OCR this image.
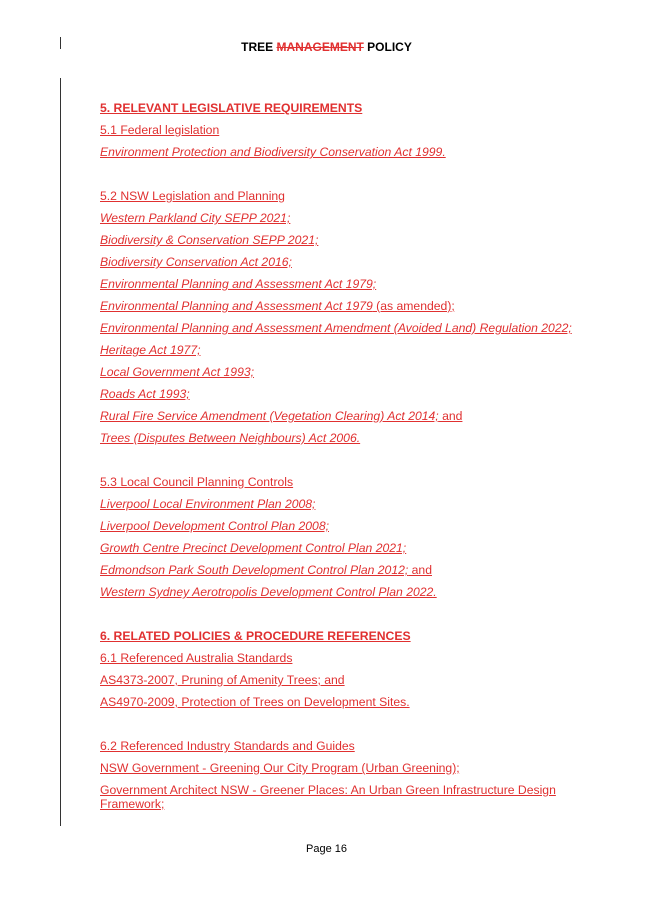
TREE MANAGEMENT POLICY
5. RELEVANT LEGISLATIVE REQUIREMENTS
5.1 Federal legislation
Environment Protection and Biodiversity Conservation Act 1999.
5.2 NSW Legislation and Planning
Western Parkland City SEPP 2021;
Biodiversity & Conservation SEPP 2021;
Biodiversity Conservation Act 2016;
Environmental Planning and Assessment Act 1979;
Environmental Planning and Assessment Act 1979 (as amended);
Environmental Planning and Assessment Amendment (Avoided Land) Regulation 2022;
Heritage Act 1977;
Local Government Act 1993;
Roads Act 1993;
Rural Fire Service Amendment (Vegetation Clearing) Act 2014; and
Trees (Disputes Between Neighbours) Act 2006.
5.3 Local Council Planning Controls
Liverpool Local Environment Plan 2008;
Liverpool Development Control Plan 2008;
Growth Centre Precinct Development Control Plan 2021;
Edmondson Park South Development Control Plan 2012; and
Western Sydney Aerotropolis Development Control Plan 2022.
6. RELATED POLICIES & PROCEDURE REFERENCES
6.1 Referenced Australia Standards
AS4373-2007, Pruning of Amenity Trees; and
AS4970-2009, Protection of Trees on Development Sites.
6.2 Referenced Industry Standards and Guides
NSW Government - Greening Our City Program (Urban Greening);
Government Architect NSW - Greener Places: An Urban Green Infrastructure Design Framework;
Page 16
